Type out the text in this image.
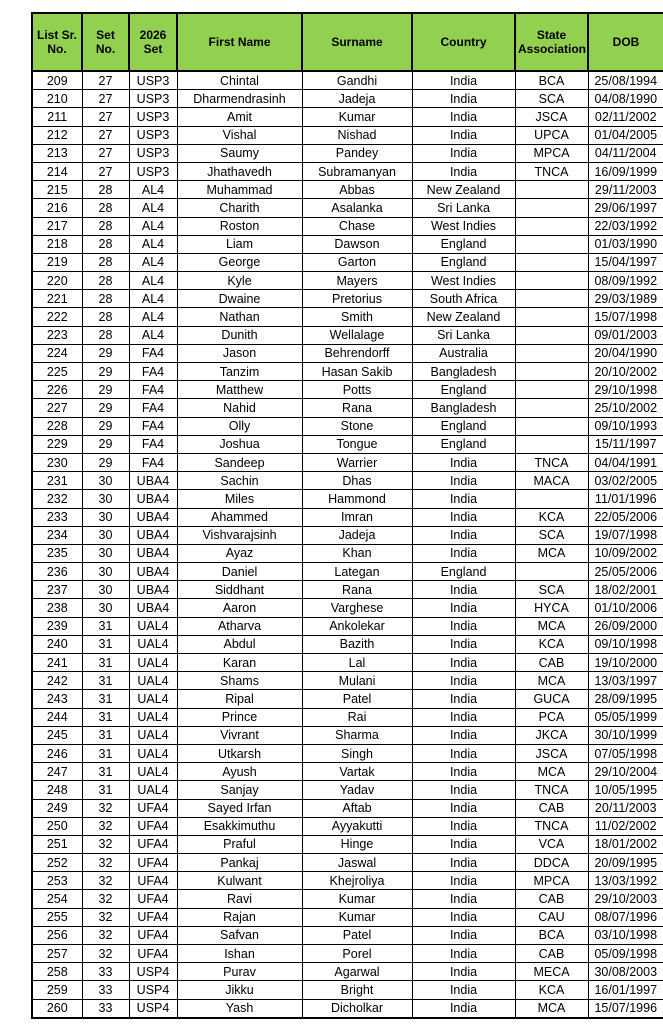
List Sr. No.	Set No.	2026 Set	First Name	Surname	Country	State Association	DOB
209	27	USP3	Chintal	Gandhi	India	BCA	25/08/1994
210	27	USP3	Dharmendrasinh	Jadeja	India	SCA	04/08/1990
211	27	USP3	Amit	Kumar	India	JSCA	02/11/2002
212	27	USP3	Vishal	Nishad	India	UPCA	01/04/2005
213	27	USP3	Saumy	Pandey	India	MPCA	04/11/2004
214	27	USP3	Jhathavedh	Subramanyan	India	TNCA	16/09/1999
215	28	AL4	Muhammad	Abbas	New Zealand		29/11/2003
216	28	AL4	Charith	Asalanka	Sri Lanka		29/06/1997
217	28	AL4	Roston	Chase	West Indies		22/03/1992
218	28	AL4	Liam	Dawson	England		01/03/1990
219	28	AL4	George	Garton	England		15/04/1997
220	28	AL4	Kyle	Mayers	West Indies		08/09/1992
221	28	AL4	Dwaine	Pretorius	South Africa		29/03/1989
222	28	AL4	Nathan	Smith	New Zealand		15/07/1998
223	28	AL4	Dunith	Wellalage	Sri Lanka		09/01/2003
224	29	FA4	Jason	Behrendorff	Australia		20/04/1990
225	29	FA4	Tanzim	Hasan Sakib	Bangladesh		20/10/2002
226	29	FA4	Matthew	Potts	England		29/10/1998
227	29	FA4	Nahid	Rana	Bangladesh		25/10/2002
228	29	FA4	Olly	Stone	England		09/10/1993
229	29	FA4	Joshua	Tongue	England		15/11/1997
230	29	FA4	Sandeep	Warrier	India	TNCA	04/04/1991
231	30	UBA4	Sachin	Dhas	India	MACA	03/02/2005
232	30	UBA4	Miles	Hammond	India		11/01/1996
233	30	UBA4	Ahammed	Imran	India	KCA	22/05/2006
234	30	UBA4	Vishvarajsinh	Jadeja	India	SCA	19/07/1998
235	30	UBA4	Ayaz	Khan	India	MCA	10/09/2002
236	30	UBA4	Daniel	Lategan	England		25/05/2006
237	30	UBA4	Siddhant	Rana	India	SCA	18/02/2001
238	30	UBA4	Aaron	Varghese	India	HYCA	01/10/2006
239	31	UAL4	Atharva	Ankolekar	India	MCA	26/09/2000
240	31	UAL4	Abdul	Bazith	India	KCA	09/10/1998
241	31	UAL4	Karan	Lal	India	CAB	19/10/2000
242	31	UAL4	Shams	Mulani	India	MCA	13/03/1997
243	31	UAL4	Ripal	Patel	India	GUCA	28/09/1995
244	31	UAL4	Prince	Rai	India	PCA	05/05/1999
245	31	UAL4	Vivrant	Sharma	India	JKCA	30/10/1999
246	31	UAL4	Utkarsh	Singh	India	JSCA	07/05/1998
247	31	UAL4	Ayush	Vartak	India	MCA	29/10/2004
248	31	UAL4	Sanjay	Yadav	India	TNCA	10/05/1995
249	32	UFA4	Sayed Irfan	Aftab	India	CAB	20/11/2003
250	32	UFA4	Esakkimuthu	Ayyakutti	India	TNCA	11/02/2002
251	32	UFA4	Praful	Hinge	India	VCA	18/01/2002
252	32	UFA4	Pankaj	Jaswal	India	DDCA	20/09/1995
253	32	UFA4	Kulwant	Khejroliya	India	MPCA	13/03/1992
254	32	UFA4	Ravi	Kumar	India	CAB	29/10/2003
255	32	UFA4	Rajan	Kumar	India	CAU	08/07/1996
256	32	UFA4	Safvan	Patel	India	BCA	03/10/1998
257	32	UFA4	Ishan	Porel	India	CAB	05/09/1998
258	33	USP4	Purav	Agarwal	India	MECA	30/08/2003
259	33	USP4	Jikku	Bright	India	KCA	16/01/1997
260	33	USP4	Yash	Dicholkar	India	MCA	15/07/1996
